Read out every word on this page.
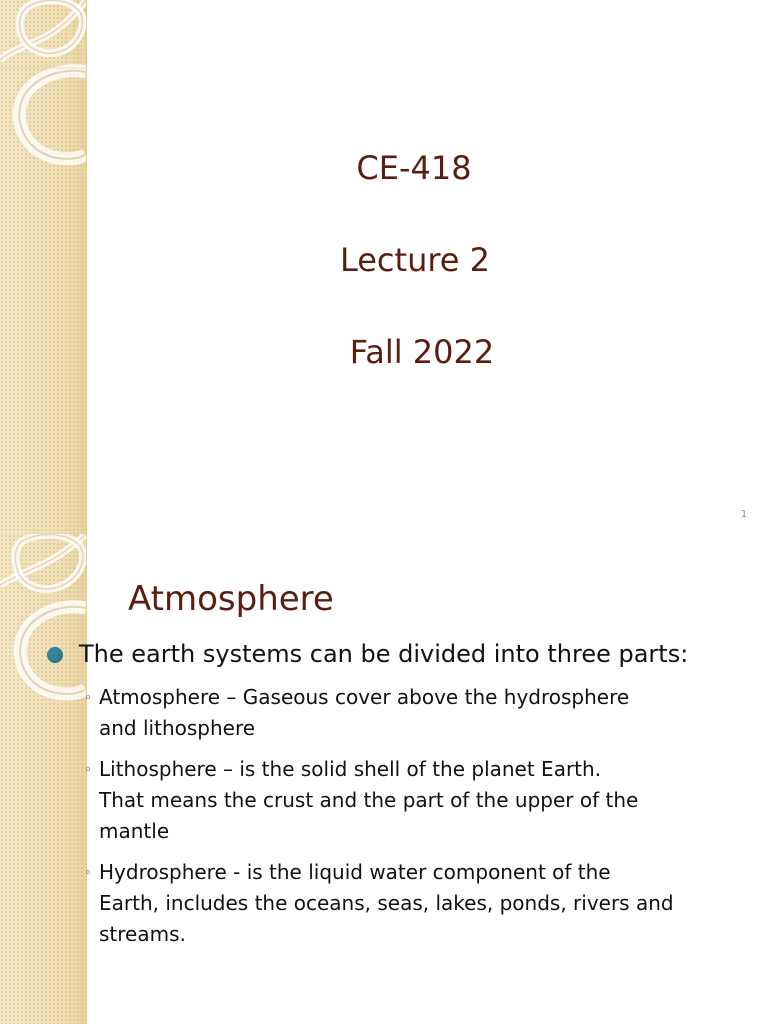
CE-418
Lecture 2
Fall 2022
1
Atmosphere
The earth systems can be divided into three parts:
◦ Atmosphere – Gaseous cover above the hydrosphere
and lithosphere
◦ Lithosphere – is the solid shell of the planet Earth.
That means the crust and the part of the upper of the
mantle
◦ Hydrosphere - is the liquid water component of the
Earth, includes the oceans, seas, lakes, ponds, rivers and
streams.
